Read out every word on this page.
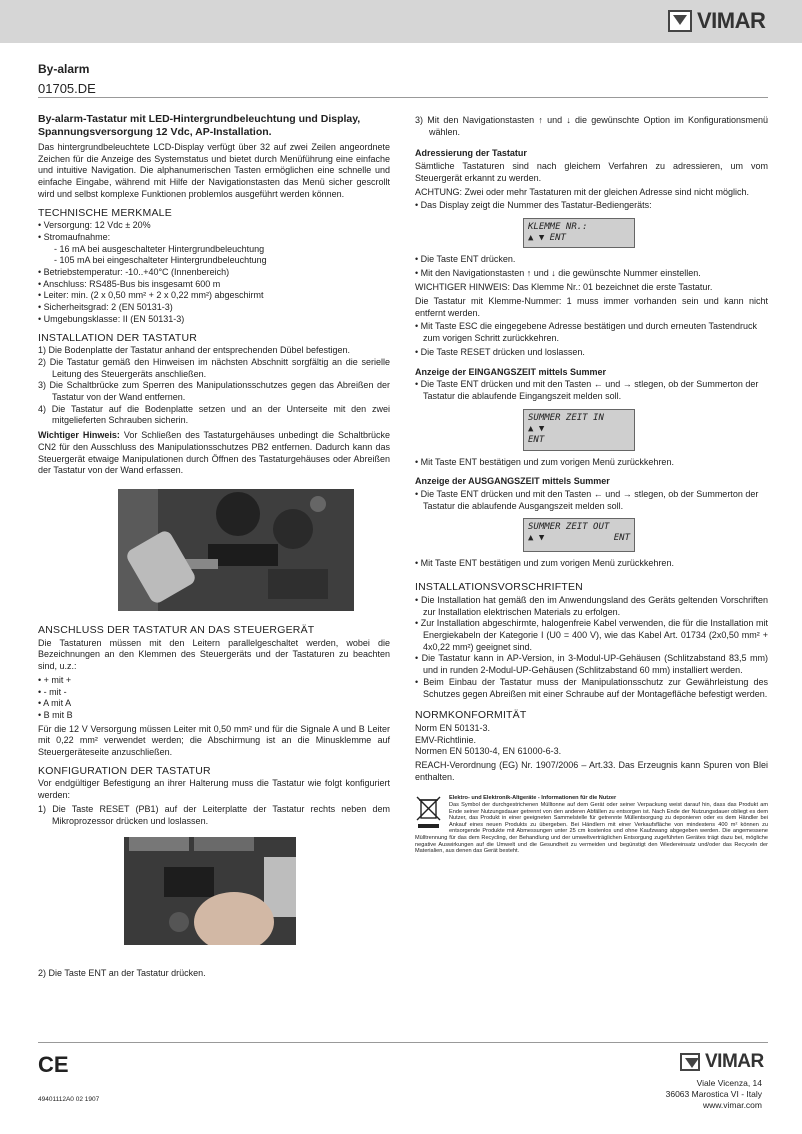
VIMAR
By-alarm
01705.DE
By-alarm-Tastatur mit LED-Hintergrundbeleuchtung und Display, Spannungsversorgung 12 Vdc, AP-Installation.

Das hintergrundbeleuchtete LCD-Display verfügt über 32 auf zwei Zeilen angeordnete Zeichen für die Anzeige des Systemstatus und bietet durch Menüführung eine einfache und intuitive Navigation. Die alphanumerischen Tasten ermöglichen eine schnelle und einfache Eingabe, während mit Hilfe der Navigationstasten das Menü sicher gescrollt wird und selbst komplexe Funktionen problemlos ausgeführt werden können.

TECHNISCHE MERKMALE
• Versorgung: 12 Vdc ± 20%
• Stromaufnahme:
- 16 mA bei ausgeschalteter Hintergrundbeleuchtung
- 105 mA bei eingeschalteter Hintergrundbeleuchtung
• Betriebstemperatur: -10..+40°C (Innenbereich)
• Anschluss: RS485-Bus bis insgesamt 600 m
• Leiter: min. (2 x 0,50 mm² + 2 x 0,22 mm²) abgeschirmt
• Sicherheitsgrad: 2 (EN 50131-3)
• Umgebungsklasse: II (EN 50131-3)
INSTALLATION DER TASTATUR
1) Die Bodenplatte der Tastatur anhand der entsprechenden Dübel befestigen.
2) Die Tastatur gemäß den Hinweisen im nächsten Abschnitt sorgfältig an die serielle Leitung des Steuergeräts anschließen.
3) Die Schaltbrücke zum Sperren des Manipulationsschutzes gegen das Abreißen der Tastatur von der Wand entfernen.
4) Die Tastatur auf die Bodenplatte setzen und an der Unterseite mit den zwei mitgelieferten Schrauben sicherin.

Wichtiger Hinweis: Vor Schließen des Tastaturgehäuses unbedingt die Schaltbrücke CN2 für den Ausschluss des Manipulationsschutzes PB2 entfernen. Dadurch kann das Steuergerät etwaige Manipulationen durch Öffnen des Tastaturgehäuses oder Abreißen der Tastatur von der Wand erfassen.

ANSCHLUSS DER TASTATUR AN DAS STEUERGERÄT

Die Tastaturen müssen mit den Leitern parallelgeschaltet werden, wobei die Bezeichnungen an den Klemmen des Steuergeräts und der Tastaturen zu beachten sind, u.z.:

• + mit +
• - mit -
• A mit A
• B mit B

Für die 12 V Versorgung müssen Leiter mit 0,50 mm² und für die Signale A und B Leiter mit 0,22 mm² verwendet werden; die Abschirmung ist an die Minusklemme auf Steuergeräteseite anzuschließen.

KONFIGURATION DER TASTATUR

Vor endgültiger Befestigung an ihrer Halterung muss die Tastatur wie folgt konfiguriert werden:

1) Die Taste RESET (PB1) auf der Leiterplatte der Tastatur rechts neben dem Mikroprozessor drücken und loslassen.
2) Die Taste ENT an der Tastatur drücken.
3) Mit den Navigationstasten ↑ und ↓ die gewünschte Option im Konfigurationsmenü wählen.
Adressierung der Tastatur

Sämtliche Tastaturen sind nach gleichem Verfahren zu adressieren, um vom Steuergerät erkannt zu werden.

ACHTUNG: Zwei oder mehr Tastaturen mit der gleichen Adresse sind nicht möglich.

• Das Display zeigt die Nummer des Tastatur-Bediengeräts:
KLEMME NR.:
▲ ▼ ENT
• Die Taste ENT drücken.
• Mit den Navigationstasten ↑ und ↓ die gewünschte Nummer einstellen.

WICHTIGER HINWEIS: Das Klemme Nr.: 01 bezeichnet die erste Tastatur.

Die Tastatur mit Klemme-Nummer: 1 muss immer vorhanden sein und kann nicht entfernt werden.

• Mit Taste ESC die eingegebene Adresse bestätigen und durch erneuten Tastendruck zum vorigen Schritt zurückkehren.
• Die Taste RESET drücken und loslassen.
Anzeige der EINGANGSZEIT mittels Summer
• Die Taste ENT drücken und mit den Tasten ← und → stlegen, ob der Summerton der Tastatur die ablaufende Eingangszeit melden soll.
SUMMER ZEIT IN
▲ ▼
ENT
• Mit Taste ENT bestätigen und zum vorigen Menü zurückkehren.
Anzeige der AUSGANGSZEIT mittels Summer
• Die Taste ENT drücken und mit den Tasten ← und → stlegen, ob der Summerton der Tastatur die ablaufende Ausgangszeit melden soll.
SUMMER ZEIT OUT
▲ ▼	ENT
• Mit Taste ENT bestätigen und zum vorigen Menü zurückkehren.
INSTALLATIONSVORSCHRIFTEN
• Die Installation hat gemäß den im Anwendungsland des Geräts geltenden Vorschriften zur Installation elektrischen Materials zu erfolgen.
• Zur Installation abgeschirmte, halogenfreie Kabel verwenden, die für die Installation mit Energiekabeln der Kategorie I (U0 = 400 V), wie das Kabel Art. 01734 (2x0,50 mm² + 4x0,22 mm²) geeignet sind.
• Die Tastatur kann in AP-Version, in 3-Modul-UP-Gehäusen (Schlitzabstand 83,5 mm) und in runden 2-Modul-UP-Gehäusen (Schlitzabstand 60 mm) installiert werden.
• Beim Einbau der Tastatur muss der Manipulationsschutz zur Gewährleistung des Schutzes gegen Abreißen mit einer Schraube auf der Montagefläche befestigt werden.
NORMKONFORMITÄT
Norm EN 50131-3.
EMV-Richtlinie.
Normen EN 50130-4, EN 61000-6-3.

REACH-Verordnung (EG) Nr. 1907/2006 – Art.33. Das Erzeugnis kann Spuren von Blei enthalten.

Elektro- und Elektronik-Altgeräte - Informationen für die Nutzer
Das Symbol der durchgestrichenen Mülltonne auf dem Gerät oder seiner Verpackung weist darauf hin, dass das Produkt am Ende seiner Nutzungsdauer getrennt von den anderen Abfällen zu entsorgen ist. Nach Ende der Nutzungsdauer obliegt es dem Nutzer, das Produkt in einer geeigneten Sammelstelle für getrennte Müllentsorgung zu deponieren oder es dem Händler bei Ankauf eines neuen Produkts zu übergeben. Bei Händlern mit einer Verkaufsfläche von mindestens 400 m² können zu entsorgende Produkte mit Abmessungen unter 25 cm kostenlos und ohne Kaufzwang abgegeben werden. Die angemessene Mülltrennung für das dem Recycling, der Behandlung und der umweltverträglichen Entsorgung zugeführten Gerätes trägt dazu bei, mögliche negative Auswirkungen auf die Umwelt und die Gesundheit zu vermeiden und begünstigt den Wiedereinsatz und/oder das Recyceln der Materialien, aus denen das Gerät besteht.
CE
49401112A0 02 1907
VIMAR
Viale Vicenza, 14
36063 Marostica VI - Italy
www.vimar.com
